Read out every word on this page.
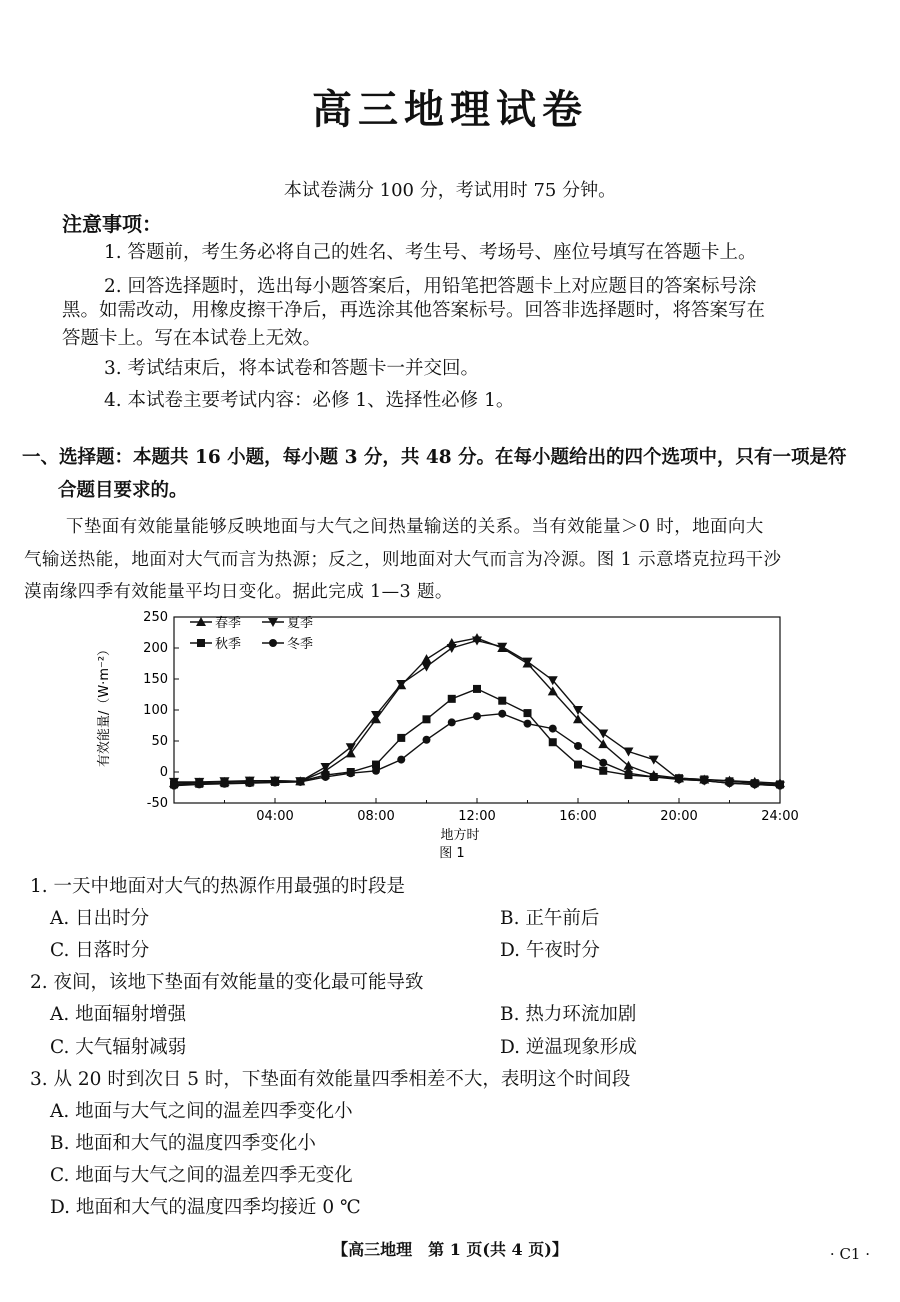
高三地理试卷
本试卷满分 100 分，考试用时 75 分钟。
注意事项：
1. 答题前，考生务必将自己的姓名、考生号、考场号、座位号填写在答题卡上。
2. 回答选择题时，选出每小题答案后，用铅笔把答题卡上对应题目的答案标号涂
黑。如需改动，用橡皮擦干净后，再选涂其他答案标号。回答非选择题时，将答案写在
答题卡上。写在本试卷上无效。
3. 考试结束后，将本试卷和答题卡一并交回。
4. 本试卷主要考试内容：必修 1、选择性必修 1。
一、选择题：本题共 16 小题，每小题 3 分，共 48 分。在每小题给出的四个选项中，只有一项是符
合题目要求的。
下垫面有效能量能够反映地面与大气之间热量输送的关系。当有效能量＞0 时，地面向大
气输送热能，地面对大气而言为热源；反之，则地面对大气而言为冷源。图 1 示意塔克拉玛干沙
漠南缘四季有效能量平均日变化。据此完成 1—3 题。
250
200
150
100
50
0
-50
04:00	08:00	12:00	16:00	20:00	24:00
春季	夏季
秋季	冬季
有效能量/（W·m⁻²）
地方时
图 1
1. 一天中地面对大气的热源作用最强的时段是
A. 日出时分	B. 正午前后
C. 日落时分	D. 午夜时分
2. 夜间，该地下垫面有效能量的变化最可能导致
A. 地面辐射增强	B. 热力环流加剧
C. 大气辐射减弱	D. 逆温现象形成
3. 从 20 时到次日 5 时，下垫面有效能量四季相差不大，表明这个时间段
A. 地面与大气之间的温差四季变化小
B. 地面和大气的温度四季变化小
C. 地面与大气之间的温差四季无变化
D. 地面和大气的温度四季均接近 0 ℃
【高三地理　第 1 页(共 4 页)】	· C1 ·
